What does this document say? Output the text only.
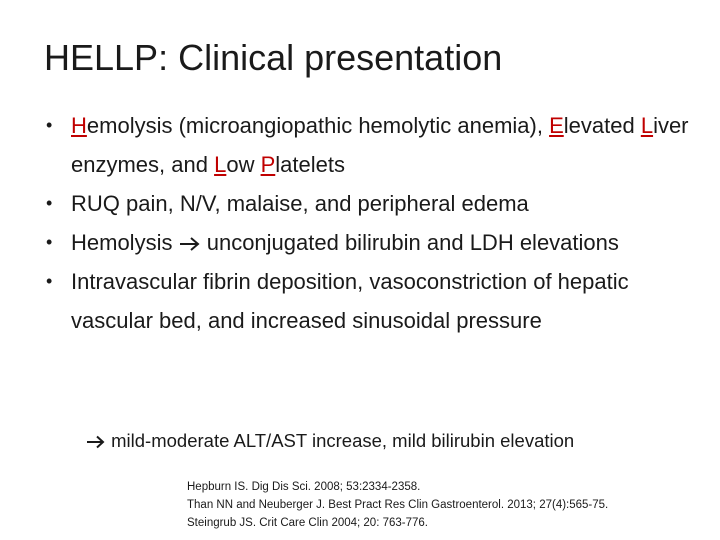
HELLP: Clinical presentation
• Hemolysis (microangiopathic hemolytic anemia), Elevated Liver enzymes, and Low Platelets
• RUQ pain, N/V, malaise, and peripheral edema
• Hemolysis unconjugated bilirubin and LDH elevations
• Intravascular fibrin deposition, vasoconstriction of hepatic vascular bed, and increased sinusoidal pressure
mild-moderate ALT/AST increase, mild bilirubin elevation
Hepburn IS. Dig Dis Sci. 2008; 53:2334-2358.
Than NN and Neuberger J. Best Pract Res Clin Gastroenterol. 2013; 27(4):565-75.
Steingrub JS. Crit Care Clin 2004; 20: 763-776.
